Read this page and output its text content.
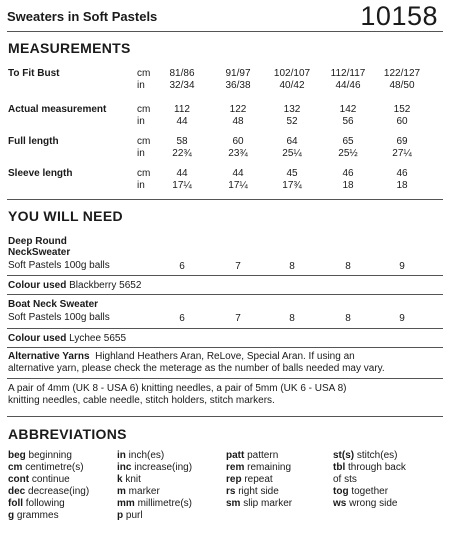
Sweaters in Soft Pastels	10158
MEASUREMENTS
To Fit Bust	cm	81/86	91/97	102/107 112/117 122/127
in	32/34	36/38	40/42	44/46	48/50
Actual measurement	cm	112	122	132	142	152
in	44	48	52	56	60
Full length	cm	58	60	64	65	69
in	22¾	23¾	25¼	25½	27¼
Sleeve length	cm	44	44	45	46	46
in	17¼	17¼	17¾	18	18
YOU WILL NEED
Deep Round
NeckSweater
Soft Pastels 100g balls	6	7	8	8	9
Colour used Blackberry 5652
Boat Neck Sweater
Soft Pastels 100g balls	6	7	8	8	9
Colour used Lychee 5655
Alternative Yarns Highland Heathers Aran, ReLove, Special Aran. If using an
alternative yarn, please check the meterage as the number of balls needed may vary.
A pair of 4mm (UK 8 - USA 6) knitting needles, a pair of 5mm (UK 6 - USA 8)
knitting needles, cable needle, stitch holders, stitch markers.
ABBREVIATIONS
beg beginning
cm centimetre(s)
cont continue
dec decrease(ing)
foll following
g grammes
in inch(es)
inc increase(ing)
k knit
m marker
mm millimetre(s)
p purl
patt pattern
rem remaining
rep repeat
rs right side
sm slip marker
st(s) stitch(es)
tbl through back
of sts
tog together
ws wrong side
